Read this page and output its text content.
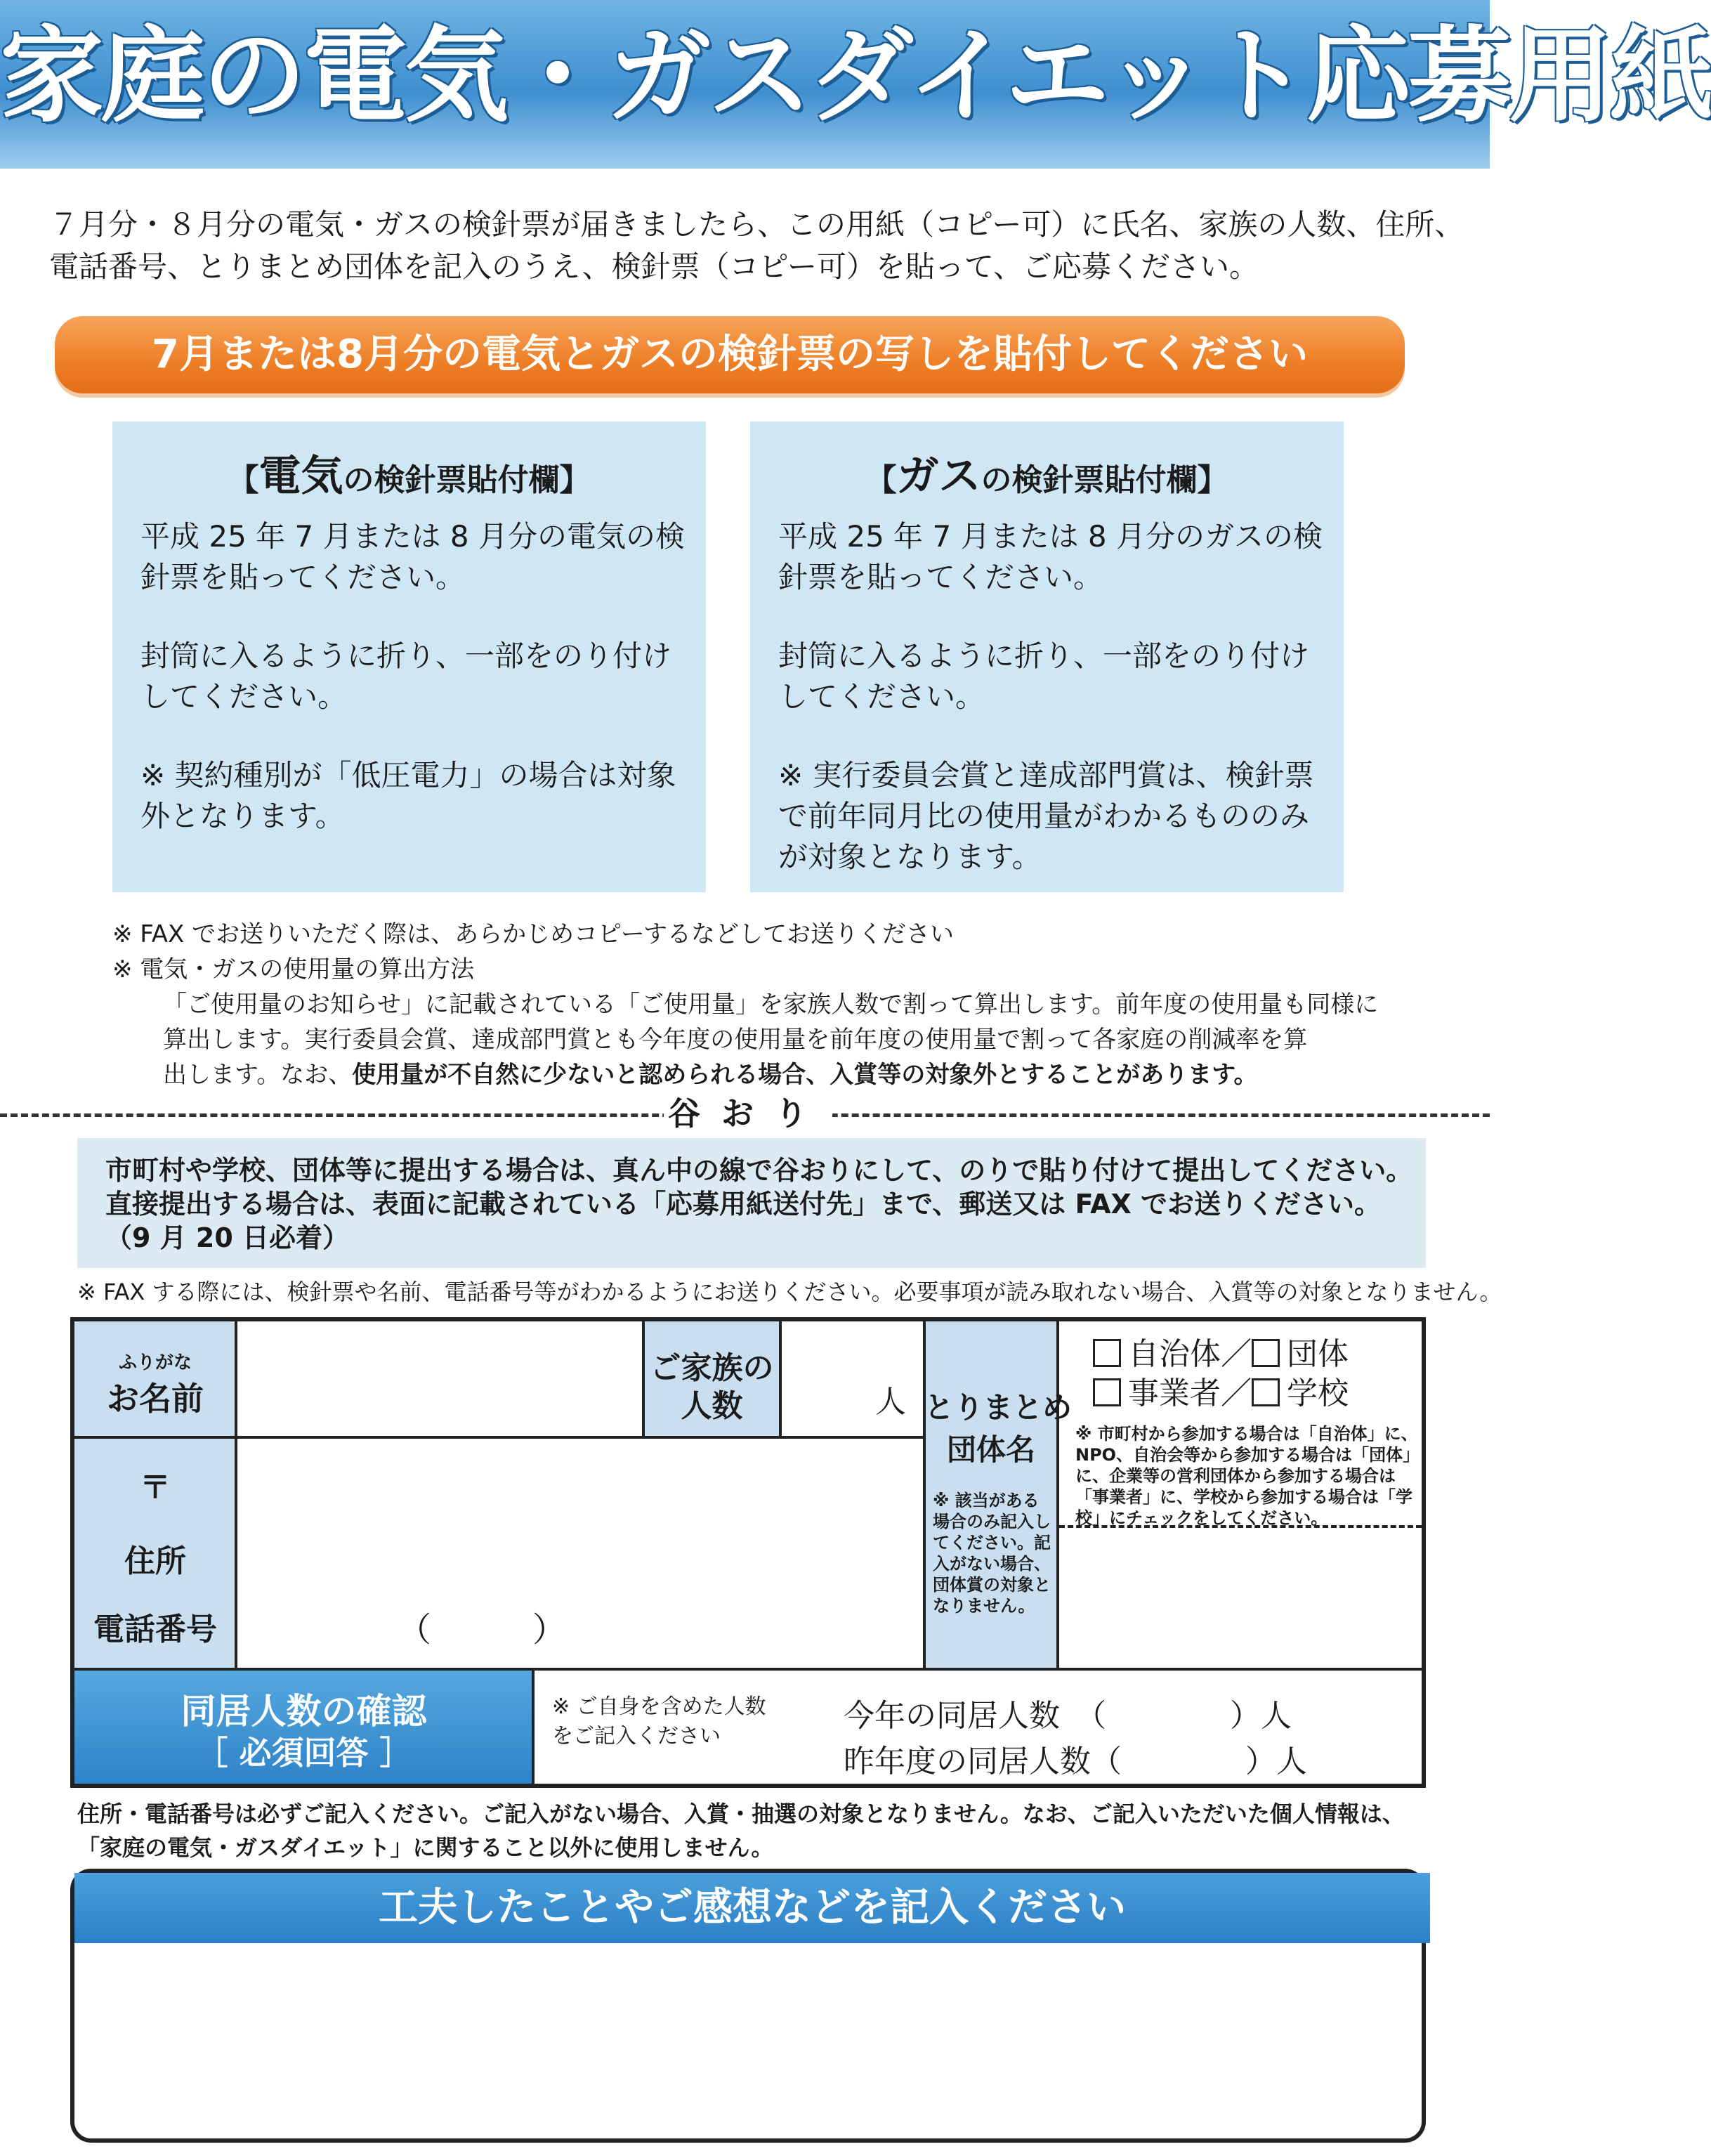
家庭の電気・ガスダイエット応募用紙
７月分・８月分の電気・ガスの検針票が届きましたら、この用紙（コピー可）に氏名、家族の人数、住所、
電話番号、とりまとめ団体を記入のうえ、検針票（コピー可）を貼って、ご応募ください。
7月または8月分の電気とガスの検針票の写しを貼付してください
【電気の検針票貼付欄】
平成 25 年 7 月または 8 月分の電気の検針票を貼ってください。
封筒に入るように折り、一部をのり付けしてください。
※ 契約種別が「低圧電力」の場合は対象外となります。
【ガスの検針票貼付欄】
平成 25 年 7 月または 8 月分のガスの検針票を貼ってください。
封筒に入るように折り、一部をのり付けしてください。
※ 実行委員会賞と達成部門賞は、検針票で前年同月比の使用量がわかるもののみが対象となります。
※ FAX でお送りいただく際は、あらかじめコピーするなどしてお送りください
※ 電気・ガスの使用量の算出方法
「ご使用量のお知らせ」に記載されている「ご使用量」を家族人数で割って算出します。前年度の使用量も同様に
算出します。実行委員会賞、達成部門賞とも今年度の使用量を前年度の使用量で割って各家庭の削減率を算
出します。なお、使用量が不自然に少ないと認められる場合、入賞等の対象外とすることがあります。
谷おり
市町村や学校、団体等に提出する場合は、真ん中の線で谷おりにして、のりで貼り付けて提出してください。
直接提出する場合は、表面に記載されている「応募用紙送付先」まで、郵送又は FAX でお送りください。
（9 月 20 日必着）
※ FAX する際には、検針票や名前、電話番号等がわかるようにお送りください。必要事項が読み取れない場合、入賞等の対象となりません。
ふりがな
お名前
ご家族の
人数	人 とりまとめ
団体名
※ 該当がある場合のみ記入してください。記入がない場合、団体賞の対象となりません。
自治体／ 団体
事業者／ 学校
※ 市町村から参加する場合は「自治体」に、NPO、自治会等から参加する場合は「団体」に、企業等の営利団体から参加する場合は「事業者」に、学校から参加する場合は「学校」にチェックをしてください。
〒
住所
電話番号	（　　　）
同居人数の確認
［ 必須回答 ］
※ ご自身を含めた人数をご記入ください
今年の同居人数　（　　　　）人
昨年度の同居人数（　　　　）人
住所・電話番号は必ずご記入ください。ご記入がない場合、入賞・抽選の対象となりません。なお、ご記入いただいた個人情報は、
「家庭の電気・ガスダイエット」に関すること以外に使用しません。
工夫したことやご感想などを記入ください
